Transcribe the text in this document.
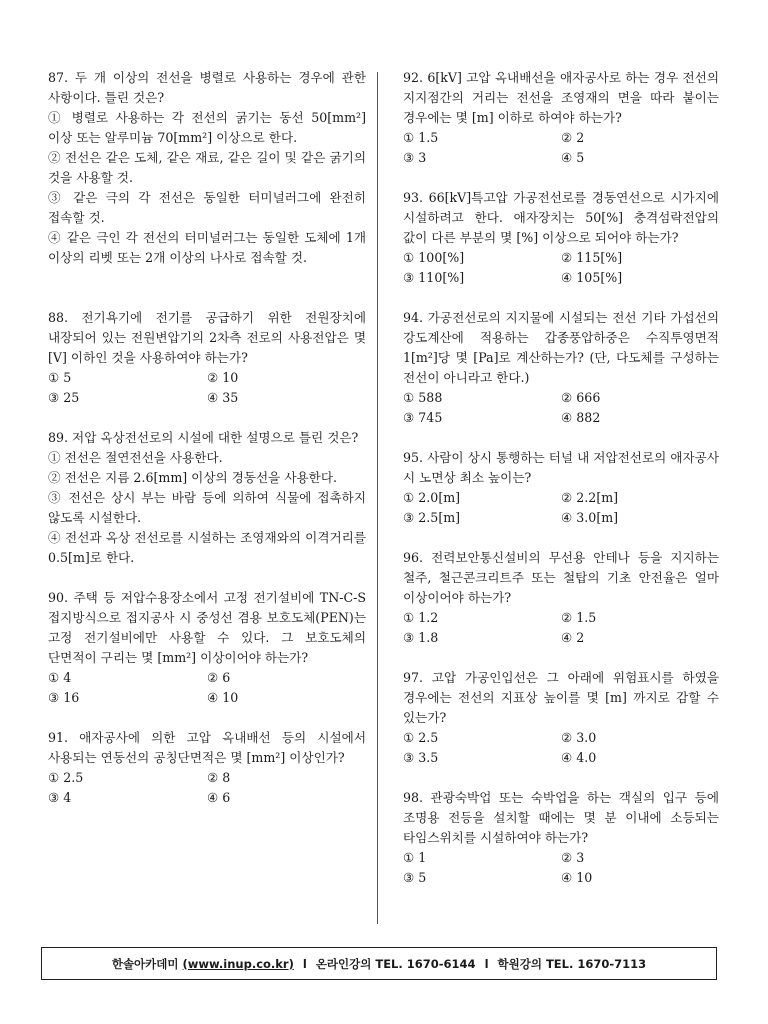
87. 두 개 이상의 전선을 병렬로 사용하는 경우에 관한 사항이다. 틀린 것은?

① 병렬로 사용하는 각 전선의 굵기는 동선 50[mm²] 이상 또는 알루미늄 70[mm²] 이상으로 한다.
② 전선은 같은 도체, 같은 재료, 같은 길이 및 같은 굵기의 것을 사용할 것.
③ 같은 극의 각 전선은 동일한 터미널러그에 완전히 접속할 것.
④ 같은 극인 각 전선의 터미널러그는 동일한 도체에 1개 이상의 리벳 또는 2개 이상의 나사로 접속할 것.

88. 전기욕기에 전기를 공급하기 위한 전원장치에 내장되어 있는 전원변압기의 2차측 전로의 사용전압은 몇 [V] 이하인 것을 사용하여야 하는가?

① 5	② 10
③ 25	④ 35

89. 저압 옥상전선로의 시설에 대한 설명으로 틀린 것은?

① 전선은 절연전선을 사용한다.
② 전선은 지름 2.6[mm] 이상의 경동선을 사용한다.
③ 전선은 상시 부는 바람 등에 의하여 식물에 접촉하지 않도록 시설한다.
④ 전선과 옥상 전선로를 시설하는 조영재와의 이격거리를 0.5[m]로 한다.

90. 주택 등 저압수용장소에서 고정 전기설비에 TN-C-S 접지방식으로 접지공사 시 중성선 겸용 보호도체(PEN)는 고정 전기설비에만 사용할 수 있다. 그 보호도체의 단면적이 구리는 몇 [mm²] 이상이어야 하는가?

① 4	② 6
③ 16	④ 10

91. 애자공사에 의한 고압 옥내배선 등의 시설에서 사용되는 연동선의 공칭단면적은 몇 [mm²] 이상인가?

① 2.5	② 8
③ 4	④ 6

92. 6[kV] 고압 옥내배선을 애자공사로 하는 경우 전선의 지지점간의 거리는 전선을 조영재의 면을 따라 붙이는 경우에는 몇 [m] 이하로 하여야 하는가?

① 1.5	② 2
③ 3	④ 5

93. 66[kV]특고압 가공전선로를 경동연선으로 시가지에 시설하려고 한다. 애자장치는 50[%] 충격섬락전압의 값이 다른 부분의 몇 [%] 이상으로 되어야 하는가?

① 100[%]	② 115[%]
③ 110[%]	④ 105[%]

94. 가공전선로의 지지물에 시설되는 전선 기타 가섭선의 강도계산에 적용하는 갑종풍압하중은 수직투영면적 1[m²]당 몇 [Pa]로 계산하는가? (단, 다도체를 구성하는 전선이 아니라고 한다.)

① 588	② 666
③ 745	④ 882

95. 사람이 상시 통행하는 터널 내 저압전선로의 애자공사 시 노면상 최소 높이는?

① 2.0[m]	② 2.2[m]
③ 2.5[m]	④ 3.0[m]

96. 전력보안통신설비의 무선용 안테나 등을 지지하는 철주, 철근콘크리트주 또는 철탑의 기초 안전율은 얼마 이상이어야 하는가?

① 1.2	② 1.5
③ 1.8	④ 2

97. 고압 가공인입선은 그 아래에 위험표시를 하였을 경우에는 전선의 지표상 높이를 몇 [m] 까지로 감할 수 있는가?

① 2.5	② 3.0
③ 3.5	④ 4.0

98. 관광숙박업 또는 숙박업을 하는 객실의 입구 등에 조명용 전등을 설치할 때에는 몇 분 이내에 소등되는 타임스위치를 시설하여야 하는가?

① 1	② 3
③ 5	④ 10
한솔아카데미
(www.inup.co.kr) l 온라인강의 TEL. 1670-6144 l 학원강의 TEL. 1670-7113
